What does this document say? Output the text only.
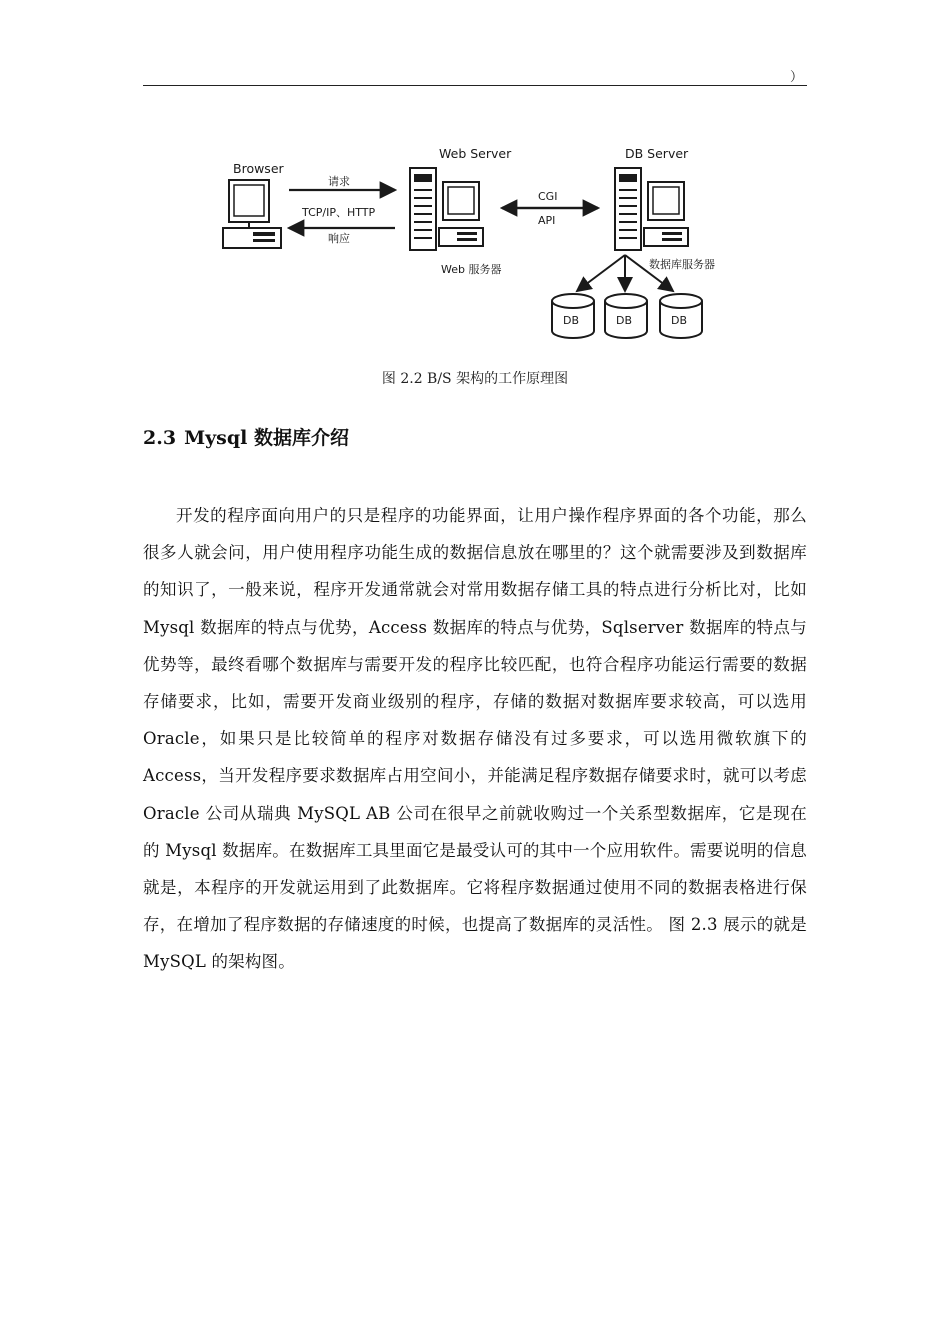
）
Browser
请求
TCP/IP、HTTP
响应
Web Server
Web 服务器
CGI
API
DB Server
数据库服务器
DB	DB	DB
图 2.2 B/S 架构的工作原理图
2.3 Mysql 数据库介绍

开发的程序面向用户的只是程序的功能界面，让用户操作程序界面的各个功能，那么很多人就会问，用户使用程序功能生成的数据信息放在哪里的？这个就需要涉及到数据库的知识了，一般来说，程序开发通常就会对常用数据存储工具的特点进行分析比对，比如 Mysql 数据库的特点与优势，Access 数据库的特点与优势，Sqlserver 数据库的特点与优势等，最终看哪个数据库与需要开发的程序比较匹配，也符合程序功能运行需要的数据存储要求，比如，需要开发商业级别的程序，存储的数据对数据库要求较高，可以选用 Oracle，如果只是比较简单的程序对数据存储没有过多要求，可以选用微软旗下的 Access，当开发程序要求数据库占用空间小，并能满足程序数据存储要求时，就可以考虑 Oracle 公司从瑞典 MySQL AB 公司在很早之前就收购过一个关系型数据库，它是现在的 Mysql 数据库。在数据库工具里面它是最受认可的其中一个应用软件。需要说明的信息就是，本程序的开发就运用到了此数据库。它将程序数据通过使用不同的数据表格进行保存，在增加了程序数据的存储速度的时候，也提高了数据库的灵活性。 图 2.3 展示的就是 MySQL 的架构图。
